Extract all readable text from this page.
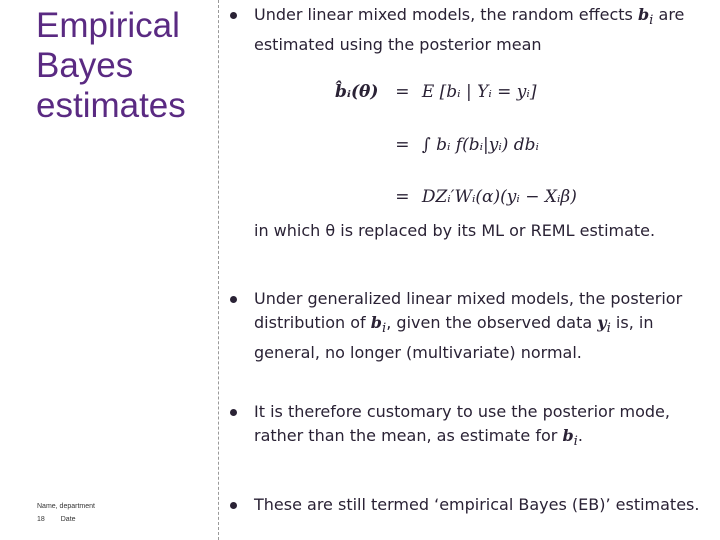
Empirical
Bayes
estimates
Name, department
18 Date
Under linear mixed models, the random effects $b_i$ are estimated using the posterior mean
Under generalized linear mixed models, the posterior distribution of $b_i$, given the observed data $y_i$ is, in general, no longer (multivariate) normal.
It is therefore customary to use the posterior mode, rather than the mean, as estimate for $b_i$.
These are still termed ‘empirical Bayes (EB)’ estimates.
b̂ᵢ(θ) = E [bᵢ | Yᵢ = yᵢ]
= ∫ bᵢ f(bᵢ|yᵢ) dbᵢ
= DZᵢ′Wᵢ(α)(yᵢ − Xᵢβ)
in which θ is replaced by its ML or REML estimate.
